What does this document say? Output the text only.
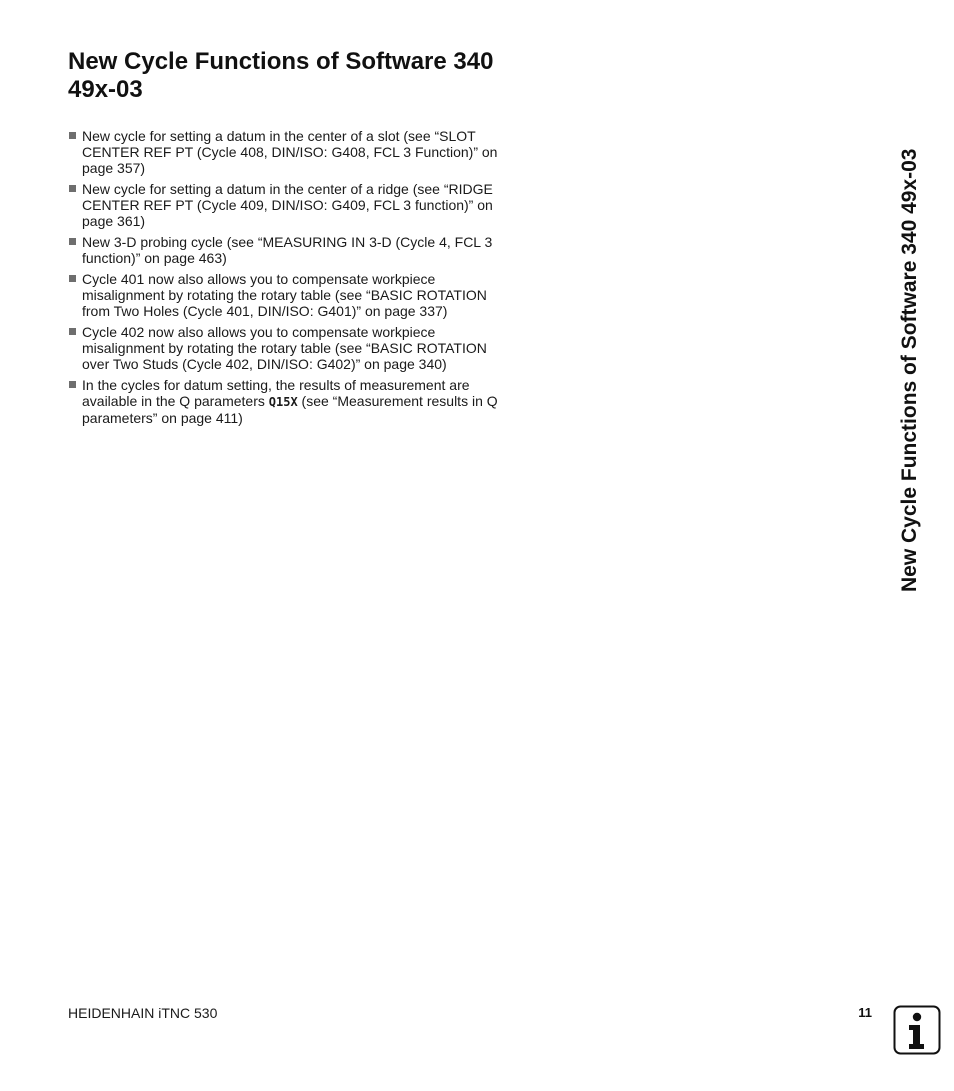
New Cycle Functions of Software 340 49x-03
New cycle for setting a datum in the center of a slot (see “SLOT CENTER REF PT (Cycle 408, DIN/ISO: G408, FCL 3 Function)” on page 357)
New cycle for setting a datum in the center of a ridge (see “RIDGE CENTER REF PT (Cycle 409, DIN/ISO: G409, FCL 3 function)” on page 361)
New 3-D probing cycle (see “MEASURING IN 3-D (Cycle 4, FCL 3 function)” on page 463)
Cycle 401 now also allows you to compensate workpiece misalignment by rotating the rotary table (see “BASIC ROTATION from Two Holes (Cycle 401, DIN/ISO: G401)” on page 337)
Cycle 402 now also allows you to compensate workpiece misalignment by rotating the rotary table (see “BASIC ROTATION over Two Studs (Cycle 402, DIN/ISO: G402)” on page 340)
In the cycles for datum setting, the results of measurement are available in the Q parameters Q15X (see “Measurement results in Q parameters” on page 411)	New Cycle Functions of Software 340 49x-03
HEIDENHAIN iTNC 530	11
